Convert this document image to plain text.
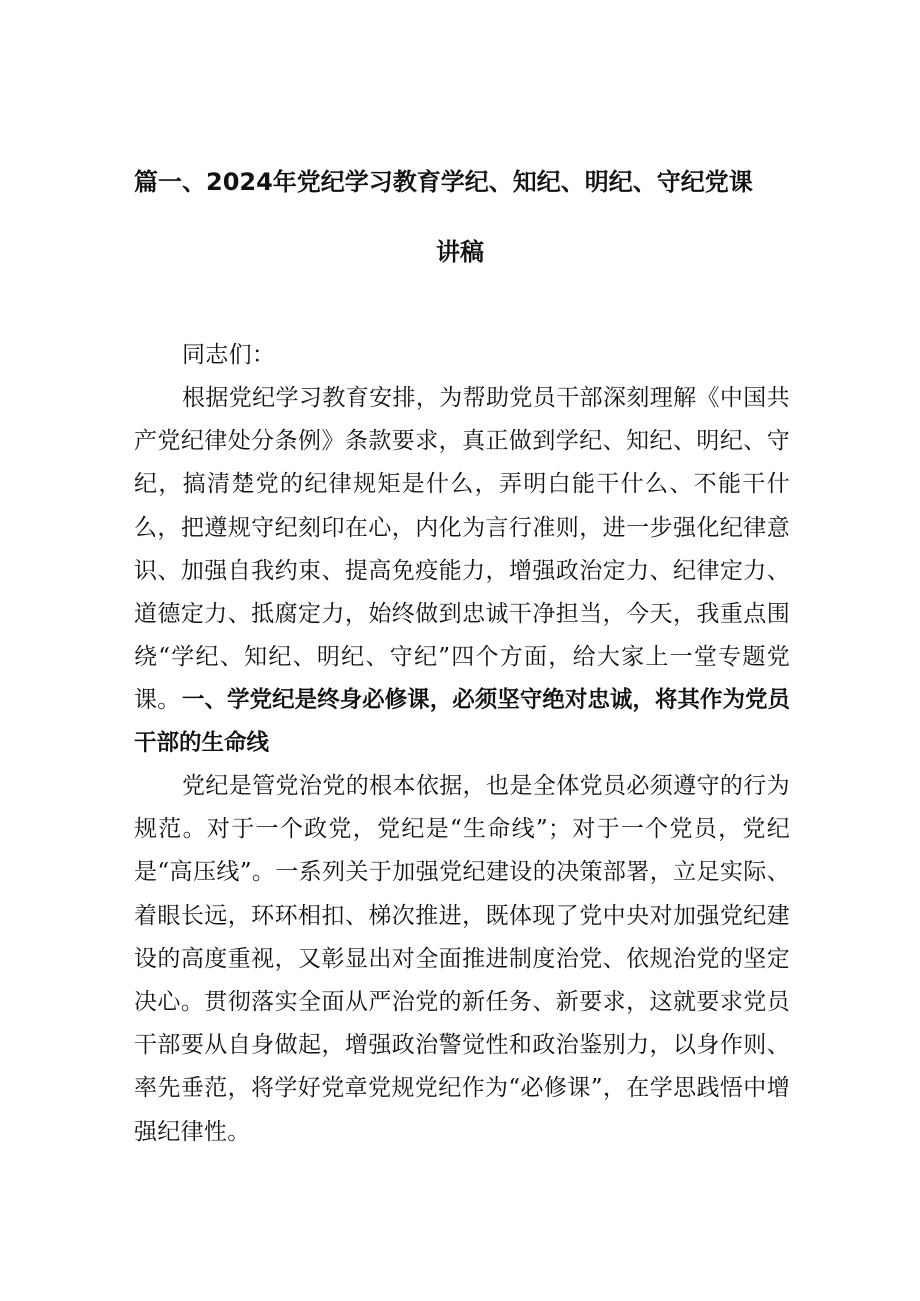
篇一、2024年党纪学习教育学纪、知纪、明纪、守纪党课
讲稿
同志们：
根据党纪学习教育安排，为帮助党员干部深刻理解《中国共产党纪律处分条例》条款要求，真正做到学纪、知纪、明纪、守纪，搞清楚党的纪律规矩是什么，弄明白能干什么、不能干什么，把遵规守纪刻印在心，内化为言行准则，进一步强化纪律意识、加强自我约束、提高免疫能力，增强政治定力、纪律定力、道德定力、抵腐定力，始终做到忠诚干净担当，今天，我重点围绕“学纪、知纪、明纪、守纪”四个方面，给大家上一堂专题党课。 一、学党纪是终身必修课，必须坚守绝对忠诚，将其作为党员干部的生命线
党纪是管党治党的根本依据，也是全体党员必须遵守的行为规范。对于一个政党，党纪是“生命线”；对于一个党员，党纪是“高压线”。一系列关于加强党纪建设的决策部署，立足实际、着眼长远，环环相扣、梯次推进，既体现了党中央对加强党纪建设的高度重视，又彰显出对全面推进制度治党、依规治党的坚定决心。贯彻落实全面从严治党的新任务、新要求，这就要求党员干部要从自身做起，增强政治警觉性和政治鉴别力，以身作则、率先垂范，将学好党章党规党纪作为“必修课”，在学思践悟中增强纪律性。
